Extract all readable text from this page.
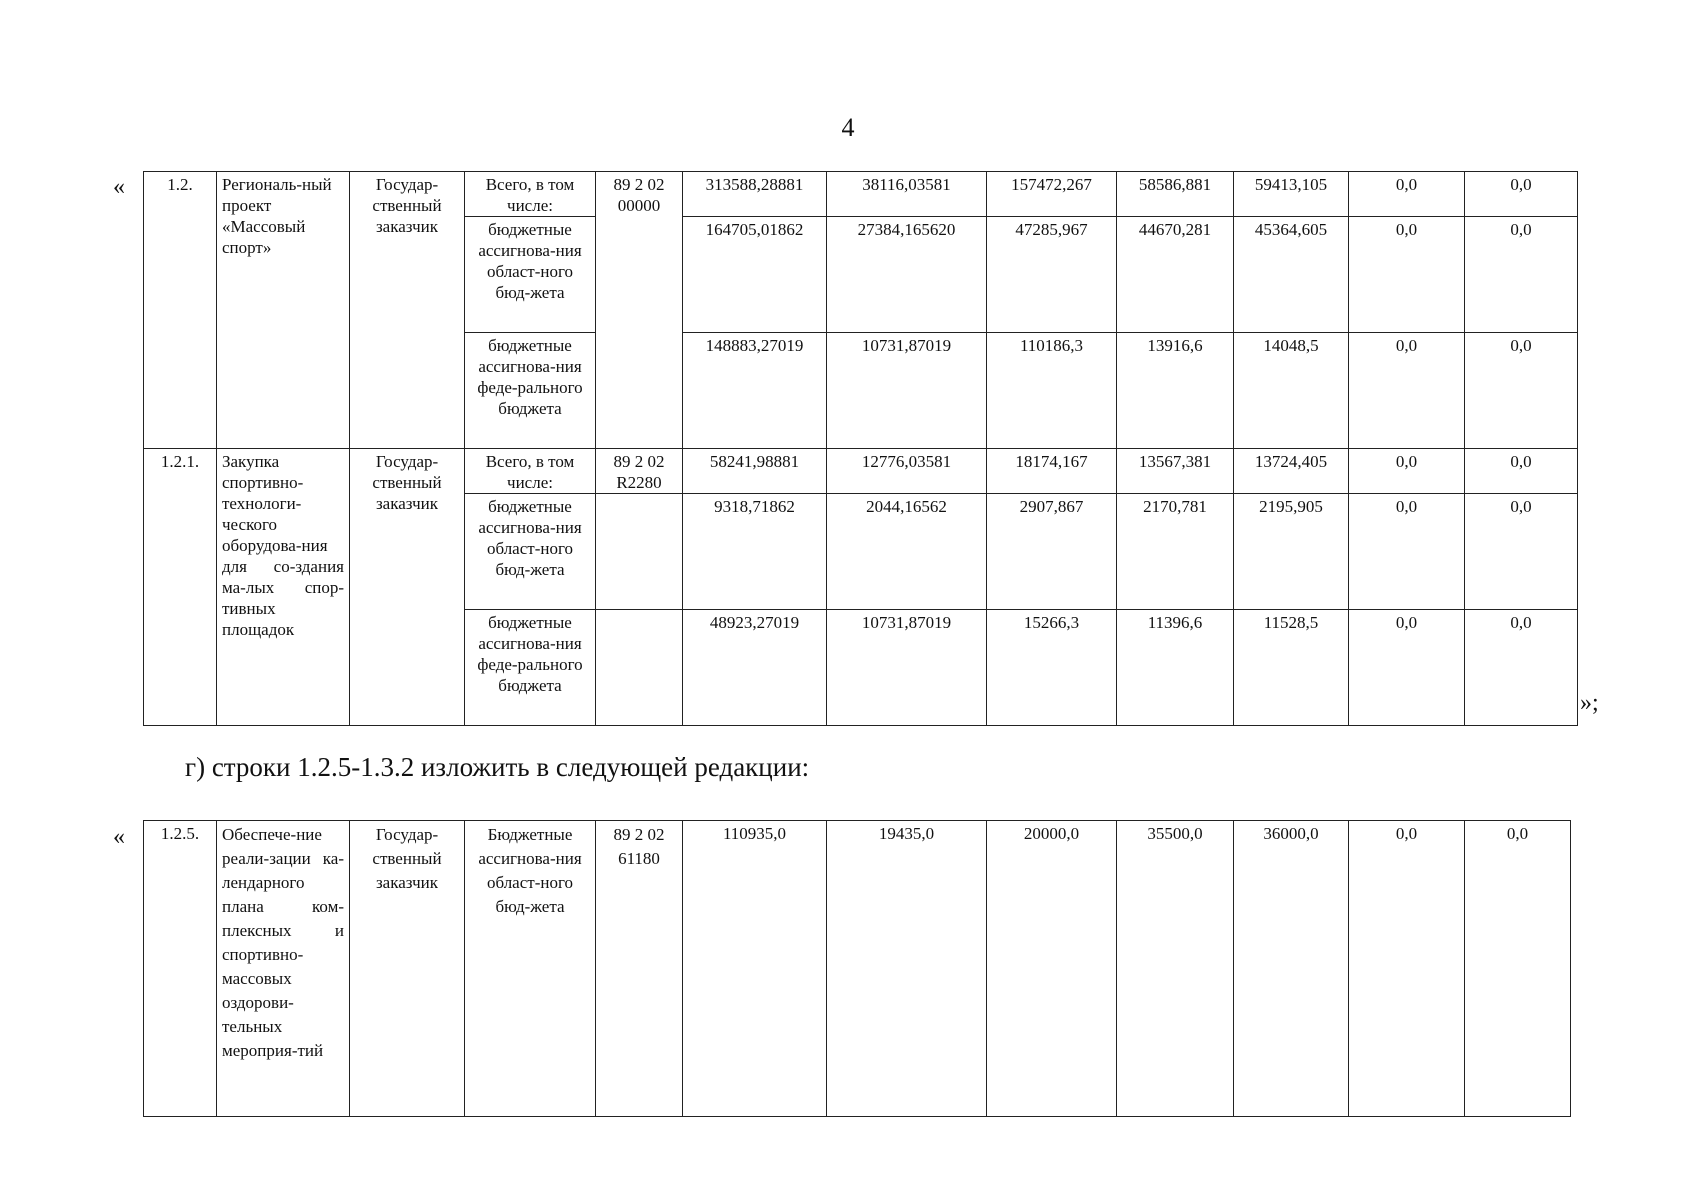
4
« 1.2.	Региональ-ный проект «Массовый спорт»	Государ-ственный заказчик	Всего, в том числе:	89 2 02 00000	313588,28881	38116,03581	157472,267	58586,881	59413,105	0,0	0,0
			бюджетные ассигнова-ния област-ного бюд-жета		164705,01862	27384,165620	47285,967	44670,281	45364,605	0,0	0,0
			бюджетные ассигнова-ния феде-рального бюджета		148883,27019	10731,87019	110186,3	13916,6	14048,5	0,0	0,0
1.2.1.	Закупка спортивно-технологи-ческого оборудова-ния для со-здания ма-лых спор-тивных площадок	Государ-ственный заказчик	Всего, в том числе:	89 2 02 R2280	58241,98881	12776,03581	18174,167	13567,381	13724,405	0,0	0,0
			бюджетные ассигнова-ния област-ного бюд-жета		9318,71862	2044,16562	2907,867	2170,781	2195,905	0,0	0,0
			бюджетные ассигнова-ния феде-рального бюджета		48923,27019	10731,87019	15266,3	11396,6	11528,5	0,0	0,0
»;
г) строки 1.2.5-1.3.2 изложить в следующей редакции:
« 1.2.5.	Обеспече-ние реали-зации ка-лендарного плана ком-плексных и спортивно-массовых оздорови-тельных мероприя-тий	Государ-ственный заказчик	Бюджетные ассигнова-ния област-ного бюд-жета	89 2 02 61180	110935,0	19435,0	20000,0	35500,0	36000,0	0,0	0,0
